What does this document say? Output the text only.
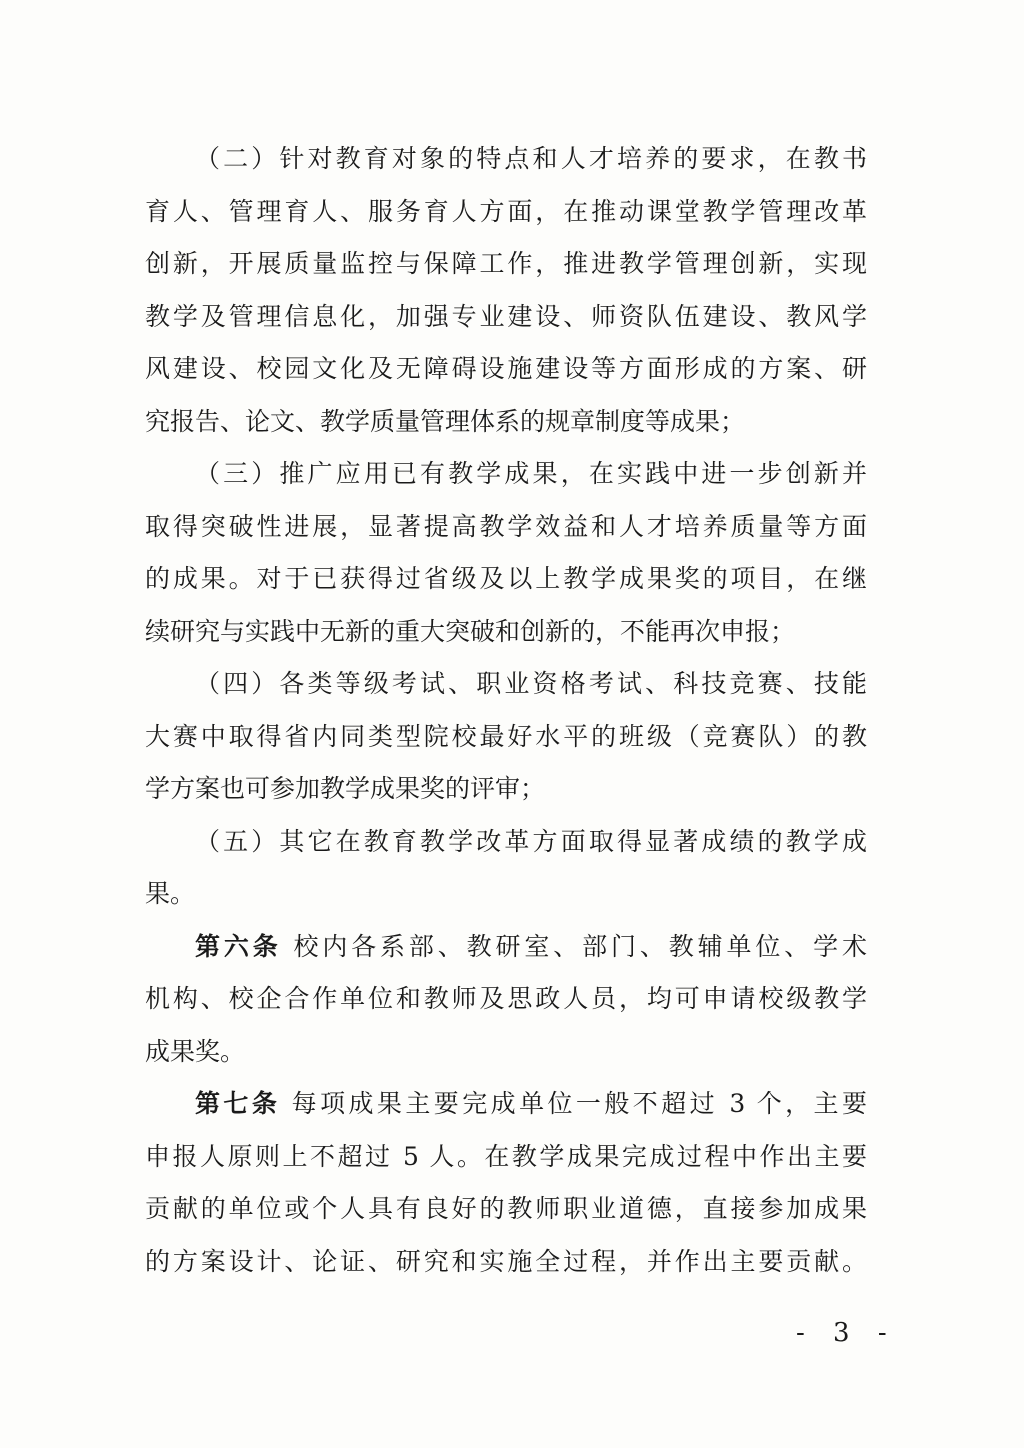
（二）针对教育对象的特点和人才培养的要求，在教书
育人、管理育人、服务育人方面，在推动课堂教学管理改革
创新，开展质量监控与保障工作，推进教学管理创新，实现
教学及管理信息化，加强专业建设、师资队伍建设、教风学
风建设、校园文化及无障碍设施建设等方面形成的方案、研
究报告、论文、教学质量管理体系的规章制度等成果；
（三）推广应用已有教学成果，在实践中进一步创新并
取得突破性进展，显著提高教学效益和人才培养质量等方面
的成果。对于已获得过省级及以上教学成果奖的项目，在继
续研究与实践中无新的重大突破和创新的，不能再次申报；
（四）各类等级考试、职业资格考试、科技竞赛、技能
大赛中取得省内同类型院校最好水平的班级（竞赛队）的教
学方案也可参加教学成果奖的评审；
（五）其它在教育教学改革方面取得显著成绩的教学成
果。
第六条 校内各系部、教研室、部门、教辅单位、学术
机构、校企合作单位和教师及思政人员，均可申请校级教学
成果奖。
第七条 每项成果主要完成单位一般不超过 3 个，主要
申报人原则上不超过 5 人。在教学成果完成过程中作出主要
贡献的单位或个人具有良好的教师职业道德，直接参加成果
的方案设计、论证、研究和实施全过程，并作出主要贡献。
- 3 -
